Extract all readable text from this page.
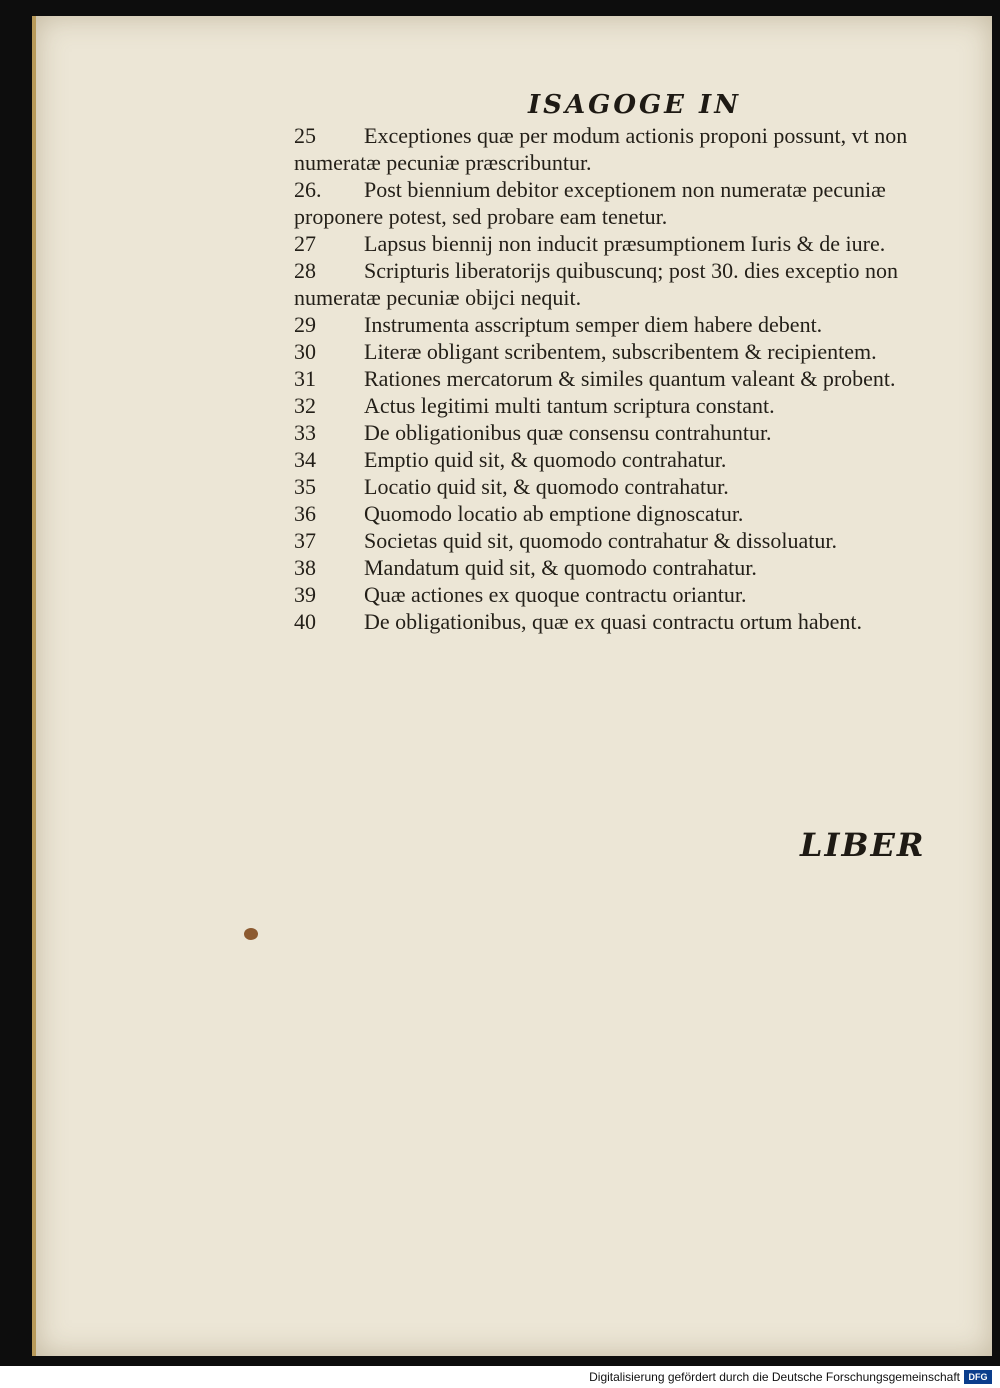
ISAGOGE IN
25	Exceptiones quæ per modum actionis proponi possunt, vt non numeratæ pecuniæ præscribuntur.
26.	Post biennium debitor exceptionem non numeratæ pecuniæ proponere potest, sed probare eam tenetur.
27	Lapsus biennij non inducit præsumptionem Iuris & de iure.
28	Scripturis liberatorijs quibuscunq; post 30. dies exceptio non numeratæ pecuniæ obijci nequit.
29	Instrumenta asscriptum semper diem habere debent.
30	Literæ obligant scribentem, subscribentem & recipientem.
31	Rationes mercatorum & similes quantum valeant & probent.
32	Actus legitimi multi tantum scriptura constant.
33	De obligationibus quæ consensu contrahuntur.
34	Emptio quid sit, & quomodo contrahatur.
35	Locatio quid sit, & quomodo contrahatur.
36	Quomodo locatio ab emptione dignoscatur.
37	Societas quid sit, quomodo contrahatur & dissoluatur.
38	Mandatum quid sit, & quomodo contrahatur.
39	Quæ actiones ex quoque contractu oriantur.
40	De obligationibus, quæ ex quasi contractu ortum habent.
LIBER
Digitalisierung gefördert durch die Deutsche Forschungsgemeinschaft DFG
